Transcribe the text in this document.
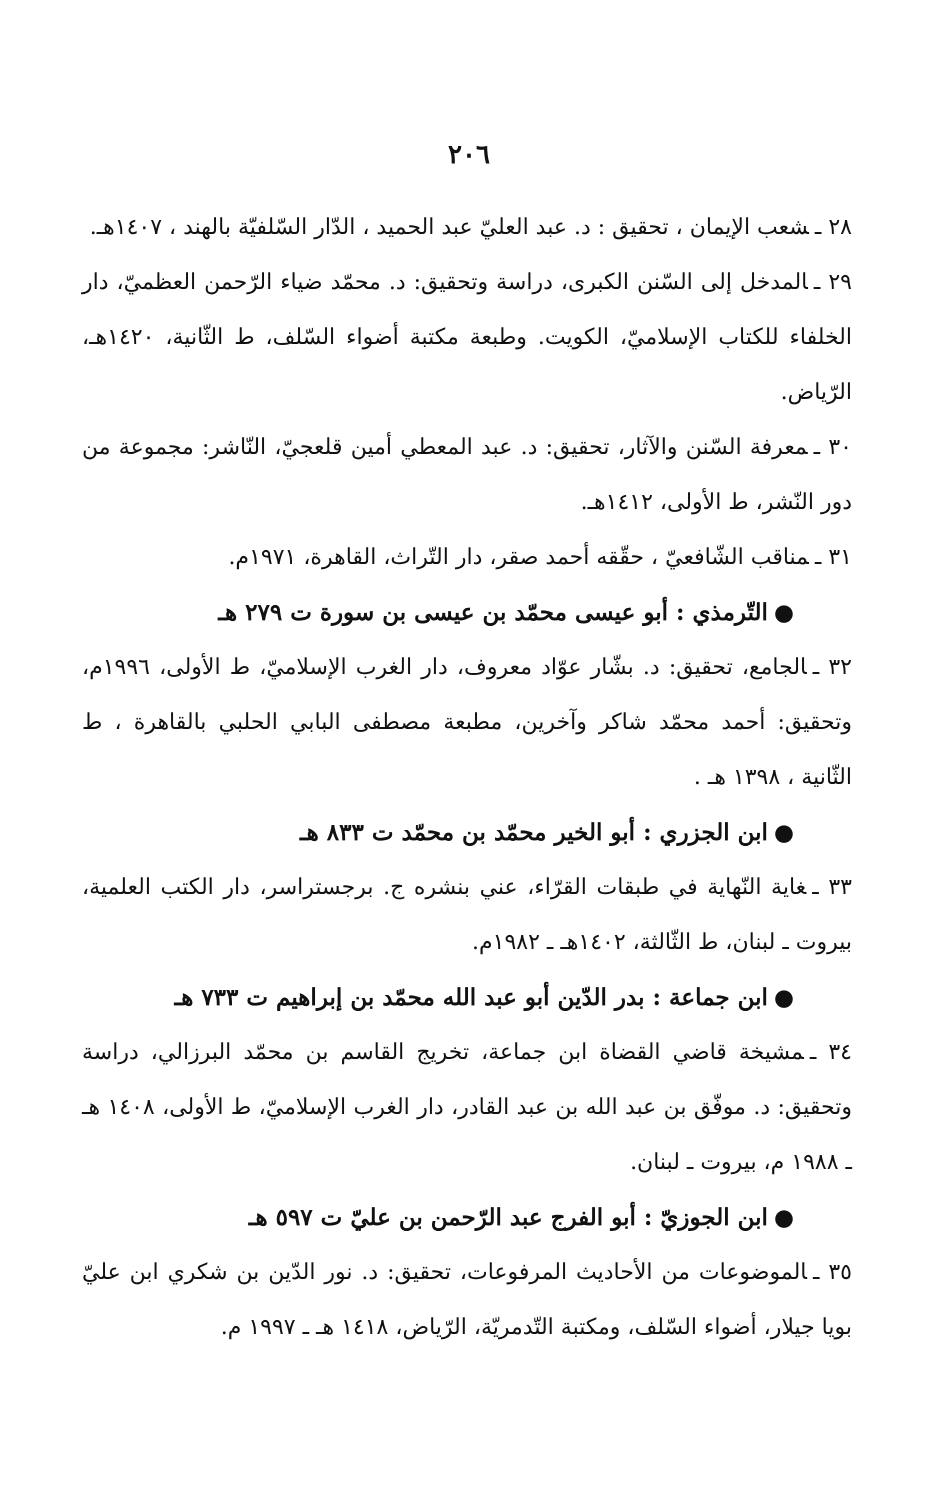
٢٠٦

٢٨ ـشعب الإيمان ، تحقيق : د. عبد العليّ عبد الحميد ، الدّار السّلفيّة بالهند ، ١٤٠٧هـ.

٢٩ ـالمدخل إلى السّنن الكبرى، دراسة وتحقيق: د. محمّد ضياء الرّحمن العظميّ، دار الخلفاء للكتاب الإسلاميّ، الكويت. وطبعة مكتبة أضواء السّلف، ط الثّانية، ١٤٢٠هـ، الرّياض.

٣٠ ـمعرفة السّنن والآثار، تحقيق: د. عبد المعطي أمين قلعجيّ، النّاشر: مجموعة من دور النّشر، ط الأولى، ١٤١٢هـ.

٣١ ـمناقب الشّافعيّ ، حقّقه أحمد صقر، دار التّراث، القاهرة، ١٩٧١م.

●التّرمذي : أبو عيسى محمّد بن عيسى بن سورة ت ٢٧٩ هـ

٣٢ ـالجامع، تحقيق: د. بشّار عوّاد معروف، دار الغرب الإسلاميّ، ط الأولى، ١٩٩٦م، وتحقيق: أحمد محمّد شاكر وآخرين، مطبعة مصطفى البابي الحلبي بالقاهرة ، ط الثّانية ، ١٣٩٨ هـ .

●ابن الجزري : أبو الخير محمّد بن محمّد ت ٨٣٣ هـ

٣٣ ـغاية النّهاية في طبقات القرّاء، عني بنشره ج. برجستراسر، دار الكتب العلمية، بيروت ـ لبنان، ط الثّالثة، ١٤٠٢هـ ـ ١٩٨٢م.

●ابن جماعة : بدر الدّين أبو عبد الله محمّد بن إبراهيم ت ٧٣٣ هـ

٣٤ ـمشيخة قاضي القضاة ابن جماعة، تخريج القاسم بن محمّد البرزالي، دراسة وتحقيق: د. موفّق بن عبد الله بن عبد القادر، دار الغرب الإسلاميّ، ط الأولى، ١٤٠٨ هـ ـ ١٩٨٨ م، بيروت ـ لبنان.

●ابن الجوزيّ : أبو الفرج عبد الرّحمن بن عليّ ت ٥٩٧ هـ

٣٥ ـالموضوعات من الأحاديث المرفوعات، تحقيق: د. نور الدّين بن شكري ابن عليّ بويا جيلار، أضواء السّلف، ومكتبة التّدمريّة، الرّياض، ١٤١٨ هـ ـ ١٩٩٧ م.
